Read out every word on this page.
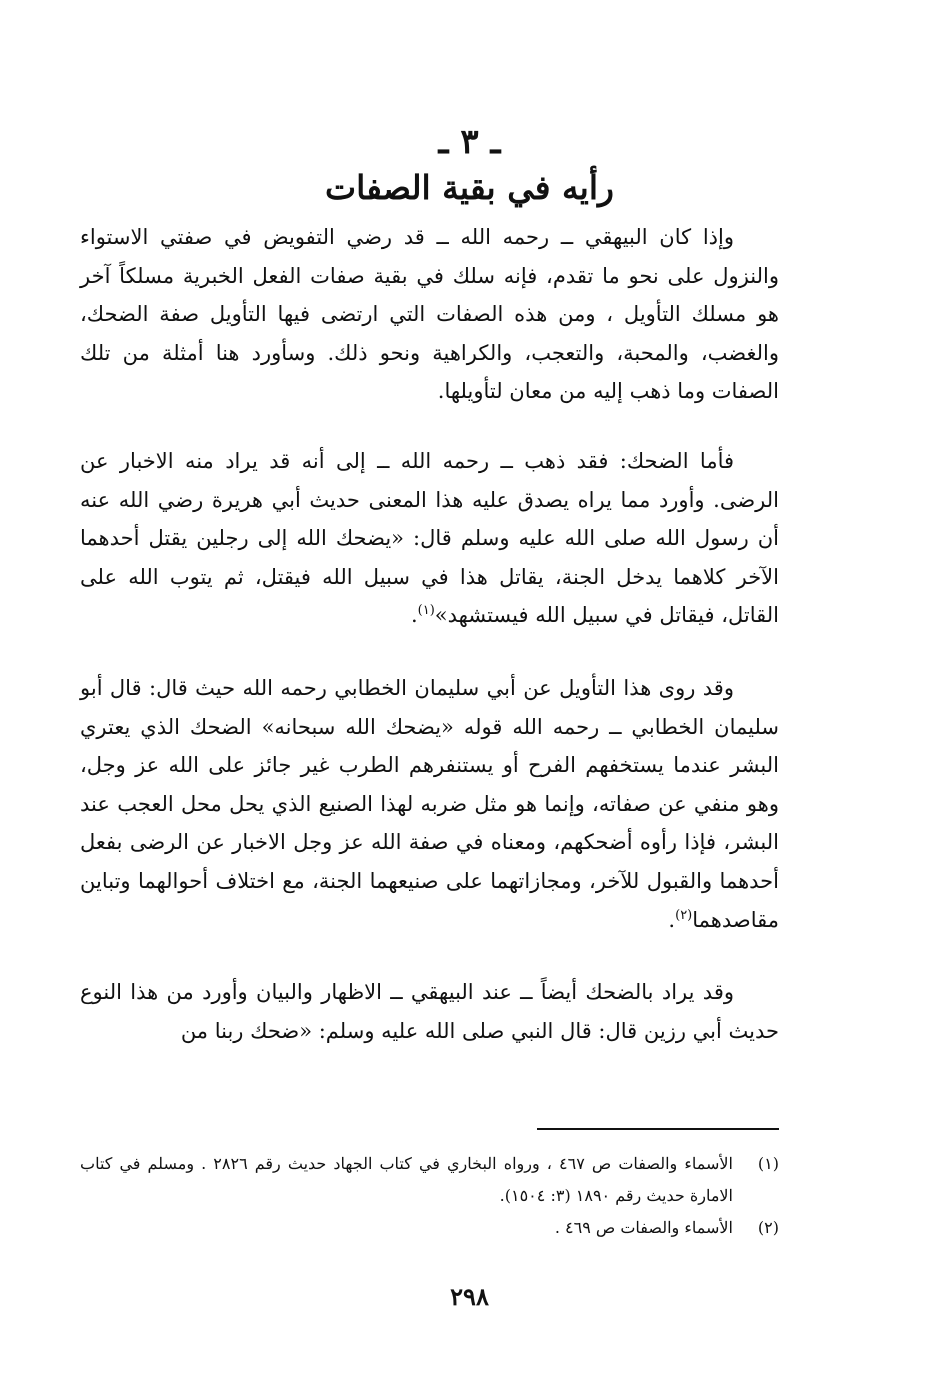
ـ ٣ ـ
رأيه في بقية الصفات

وإذا كان البيهقي ــ رحمه الله ــ قد رضي التفويض في صفتي الاستواء والنزول على نحو ما تقدم، فإنه سلك في بقية صفات الفعل الخبرية مسلكاً آخر هو مسلك التأويل ، ومن هذه الصفات التي ارتضى فيها التأويل صفة الضحك، والغضب، والمحبة، والتعجب، والكراهية ونحو ذلك. وسأورد هنا أمثلة من تلك الصفات وما ذهب إليه من معان لتأويلها.

فأما الضحك: فقد ذهب ــ رحمه الله ــ إلى أنه قد يراد منه الاخبار عن الرضى. وأورد مما يراه يصدق عليه هذا المعنى حديث أبي هريرة رضي الله عنه أن رسول الله صلى الله عليه وسلم قال: «يضحك الله إلى رجلين يقتل أحدهما الآخر كلاهما يدخل الجنة، يقاتل هذا في سبيل الله فيقتل، ثم يتوب الله على القاتل، فيقاتل في سبيل الله فيستشهد»$^{(١)}$.

وقد روى هذا التأويل عن أبي سليمان الخطابي رحمه الله حيث قال: قال أبو سليمان الخطابي ــ رحمه الله قوله «يضحك الله سبحانه» الضحك الذي يعتري البشر عندما يستخفهم الفرح أو يستنفرهم الطرب غير جائز على الله عز وجل، وهو منفي عن صفاته، وإنما هو مثل ضربه لهذا الصنيع الذي يحل محل العجب عند البشر، فإذا رأوه أضحكهم، ومعناه في صفة الله عز وجل الاخبار عن الرضى بفعل أحدهما والقبول للآخر، ومجازاتهما على صنيعهما الجنة، مع اختلاف أحوالهما وتباين مقاصدهما$^{(٢)}$.

وقد يراد بالضحك أيضاً ــ عند البيهقي ــ الاظهار والبيان وأورد من هذا النوع حديث أبي رزين قال: قال النبي صلى الله عليه وسلم: «ضحك ربنا من

(١)
الأسماء والصفات ص ٤٦٧ ، ورواه البخاري في كتاب الجهاد حديث رقم ٢٨٢٦ . ومسلم في كتاب الامارة حديث رقم ١٨٩٠ (٣: ١٥٠٤).
(٢)
الأسماء والصفات ص ٤٦٩ .
٢٩٨
